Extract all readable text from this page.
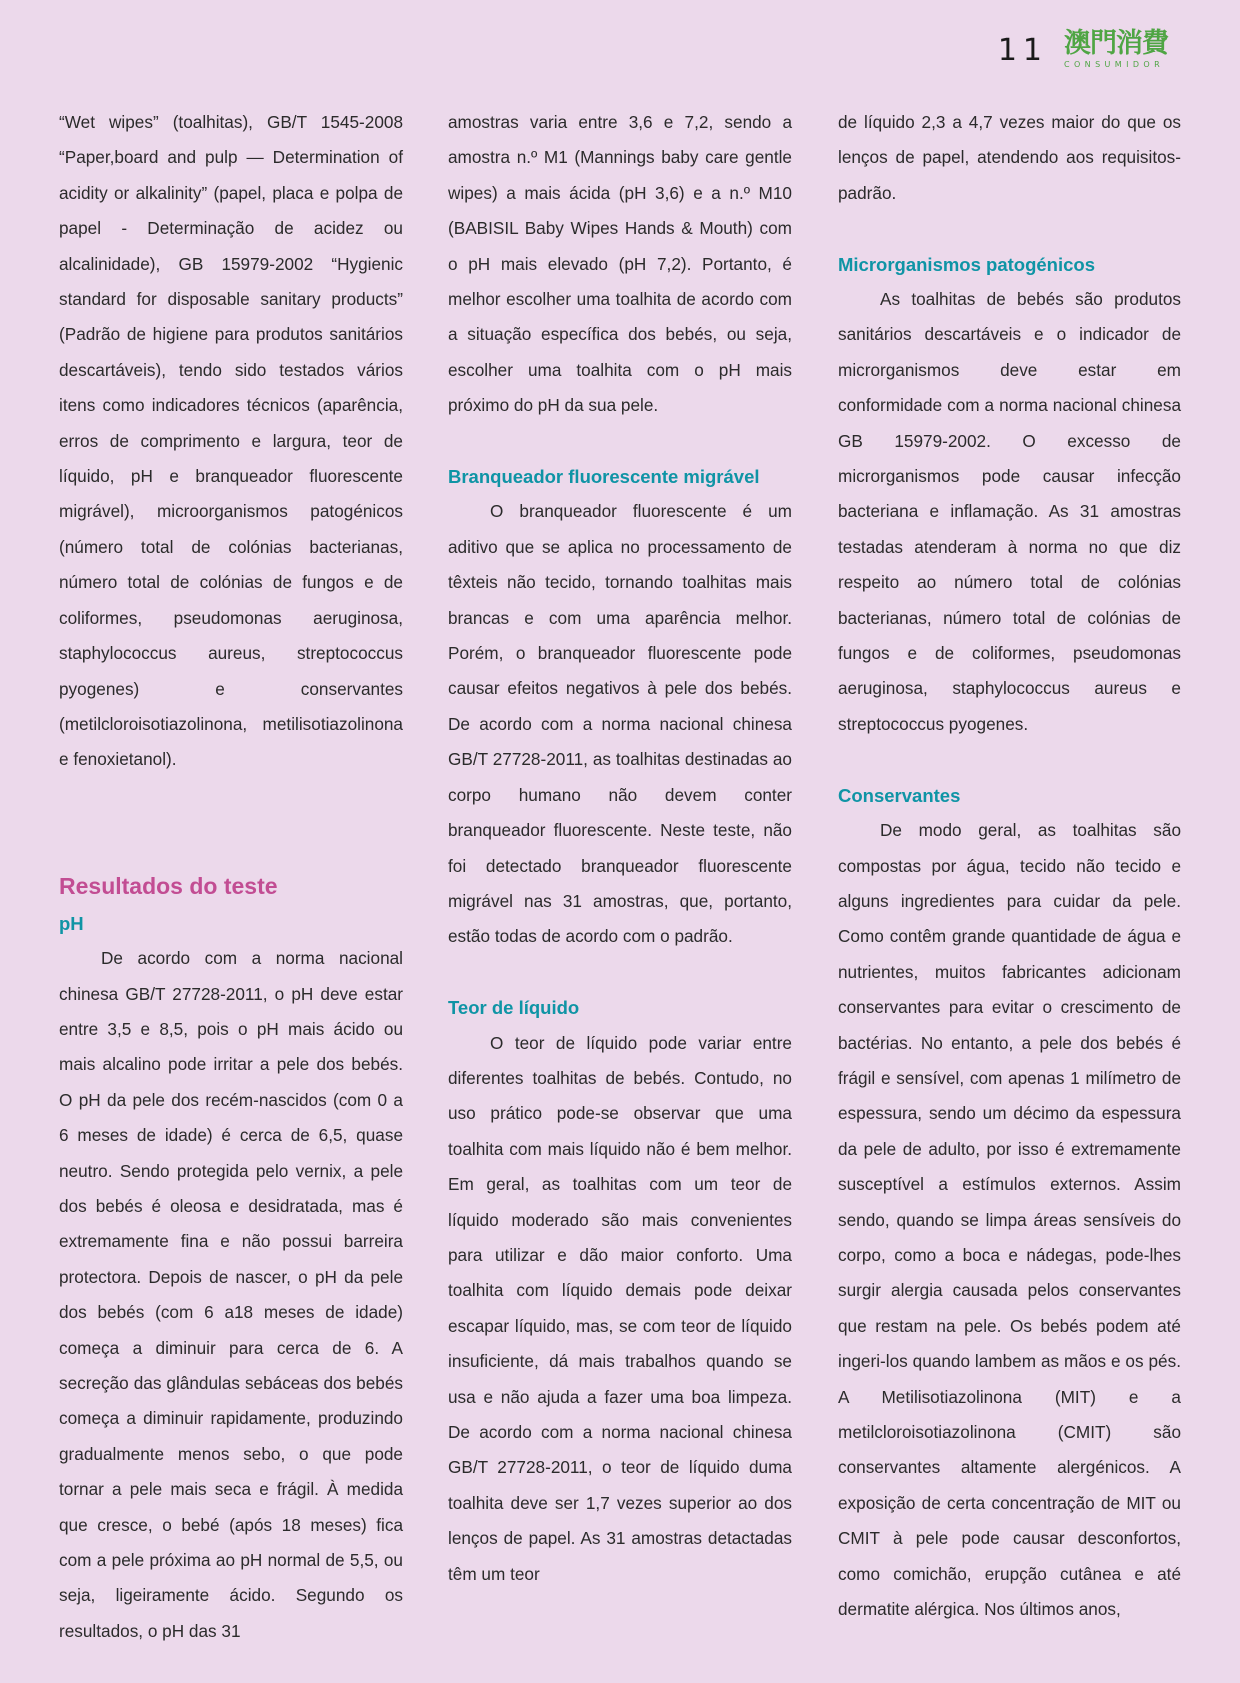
11 澳門消費
CONSUMIDOR

“Wet wipes” (toalhitas), GB/T 1545-2008 “Paper,board and pulp — Determination of acidity or alkalinity” (papel, placa e polpa de papel - Determinação de acidez ou alcalinidade), GB 15979-2002 “Hygienic standard for disposable sanitary products” (Padrão de higiene para produtos sanitários descartáveis), tendo sido testados vários itens como indicadores técnicos (aparência, erros de comprimento e largura, teor de líquido, pH e branqueador fluorescente migrável), microorganismos patogénicos (número total de colónias bacterianas, número total de colónias de fungos e de coliformes, pseudomonas aeruginosa, staphylococcus aureus, streptococcus pyogenes) e conservantes (metilcloroisotiazolinona, metilisotiazolinona e fenoxietanol).

Resultados do teste
pH

De acordo com a norma nacional chinesa GB/T 27728-2011, o pH deve estar entre 3,5 e 8,5, pois o pH mais ácido ou mais alcalino pode irritar a pele dos bebés. O pH da pele dos recém-nascidos (com 0 a 6 meses de idade) é cerca de 6,5, quase neutro. Sendo protegida pelo vernix, a pele dos bebés é oleosa e desidratada, mas é extremamente fina e não possui barreira protectora. Depois de nascer, o pH da pele dos bebés (com 6 a18 meses de idade) começa a diminuir para cerca de 6. A secreção das glândulas sebáceas dos bebés começa a diminuir rapidamente, produzindo gradualmente menos sebo, o que pode tornar a pele mais seca e frágil. À medida que cresce, o bebé (após 18 meses) fica com a pele próxima ao pH normal de 5,5, ou seja, ligeiramente ácido. Segundo os resultados, o pH das 31

amostras varia entre 3,6 e 7,2, sendo a amostra n.º M1 (Mannings baby care gentle wipes) a mais ácida (pH 3,6) e a n.º M10 (BABISIL Baby Wipes Hands & Mouth) com o pH mais elevado (pH 7,2). Portanto, é melhor escolher uma toalhita de acordo com a situação específica dos bebés, ou seja, escolher uma toalhita com o pH mais próximo do pH da sua pele.

Branqueador fluorescente migrável

O branqueador fluorescente é um aditivo que se aplica no processamento de têxteis não tecido, tornando toalhitas mais brancas e com uma aparência melhor. Porém, o branqueador fluorescente pode causar efeitos negativos à pele dos bebés. De acordo com a norma nacional chinesa GB/T 27728-2011, as toalhitas destinadas ao corpo humano não devem conter branqueador fluorescente. Neste teste, não foi detectado branqueador fluorescente migrável nas 31 amostras, que, portanto, estão todas de acordo com o padrão.

Teor de líquido

O teor de líquido pode variar entre diferentes toalhitas de bebés. Contudo, no uso prático pode-se observar que uma toalhita com mais líquido não é bem melhor. Em geral, as toalhitas com um teor de líquido moderado são mais convenientes para utilizar e dão maior conforto. Uma toalhita com líquido demais pode deixar escapar líquido, mas, se com teor de líquido insuficiente, dá mais trabalhos quando se usa e não ajuda a fazer uma boa limpeza. De acordo com a norma nacional chinesa GB/T 27728-2011, o teor de líquido duma toalhita deve ser 1,7 vezes superior ao dos lenços de papel. As 31 amostras detactadas têm um teor

de líquido 2,3 a 4,7 vezes maior do que os lenços de papel, atendendo aos requisitos-padrão.

Microrganismos patogénicos

As toalhitas de bebés são produtos sanitários descartáveis e o indicador de microrganismos deve estar em conformidade com a norma nacional chinesa GB 15979-2002. O excesso de microrganismos pode causar infecção bacteriana e inflamação. As 31 amostras testadas atenderam à norma no que diz respeito ao número total de colónias bacterianas, número total de colónias de fungos e de coliformes, pseudomonas aeruginosa, staphylococcus aureus e streptococcus pyogenes.

Conservantes

De modo geral, as toalhitas são compostas por água, tecido não tecido e alguns ingredientes para cuidar da pele. Como contêm grande quantidade de água e nutrientes, muitos fabricantes adicionam conservantes para evitar o crescimento de bactérias. No entanto, a pele dos bebés é frágil e sensível, com apenas 1 milímetro de espessura, sendo um décimo da espessura da pele de adulto, por isso é extremamente susceptível a estímulos externos. Assim sendo, quando se limpa áreas sensíveis do corpo, como a boca e nádegas, pode-lhes surgir alergia causada pelos conservantes que restam na pele. Os bebés podem até ingeri-los quando lambem as mãos e os pés. A Metilisotiazolinona (MIT) e a metilcloroisotiazolinona (CMIT) são conservantes altamente alergénicos. A exposição de certa concentração de MIT ou CMIT à pele pode causar desconfortos, como comichão, erupção cutânea e até dermatite alérgica. Nos últimos anos,
